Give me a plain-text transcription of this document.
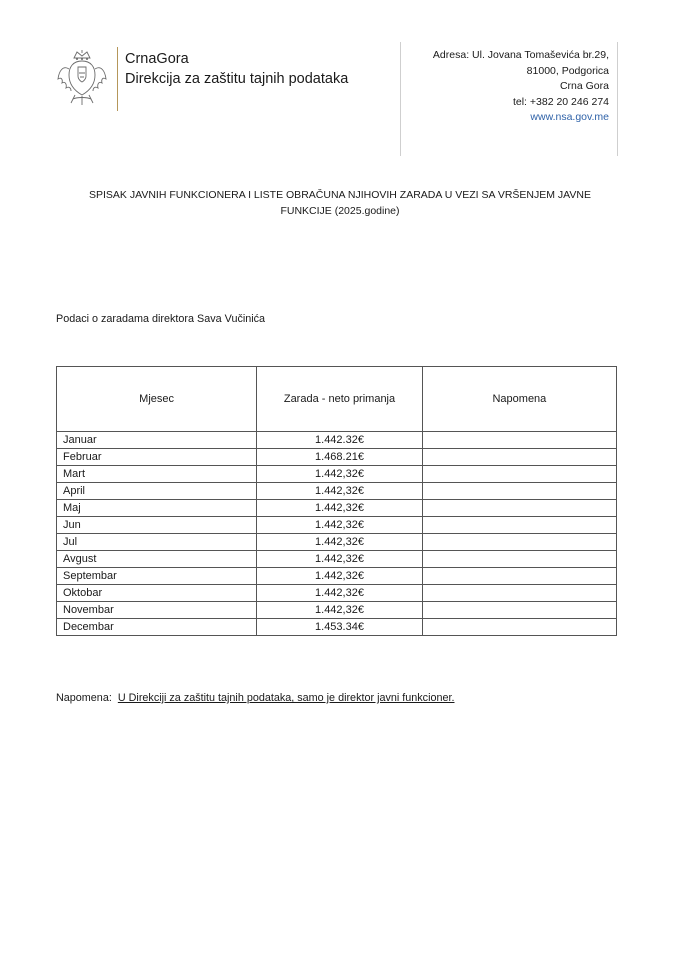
CrnaGora
Direkcija za zaštitu tajnih podataka
Adresa: Ul. Jovana Tomaševića br.29,
81000, Podgorica
Crna Gora
tel: +382 20 246 274
www.nsa.gov.me
SPISAK JAVNIH FUNKCIONERA I LISTE OBRAČUNA NJIHOVIH ZARADA U VEZI SA VRŠENJEM JAVNE
FUNKCIJE (2025.godine)
Podaci o zaradama direktora Sava Vučinića
Mjesec	Zarada - neto primanja	Napomena
Januar	1.442.32€	
Februar	1.468.21€	
Mart	1.442,32€	
April	1.442,32€	
Maj	1.442,32€	
Jun	1.442,32€	
Jul	1.442,32€	
Avgust	1.442,32€	
Septembar	1.442,32€	
Oktobar	1.442,32€	
Novembar	1.442,32€	
Decembar	1.453.34€	
Napomena: U Direkciji za zaštitu tajnih podataka, samo je direktor javni funkcioner.
